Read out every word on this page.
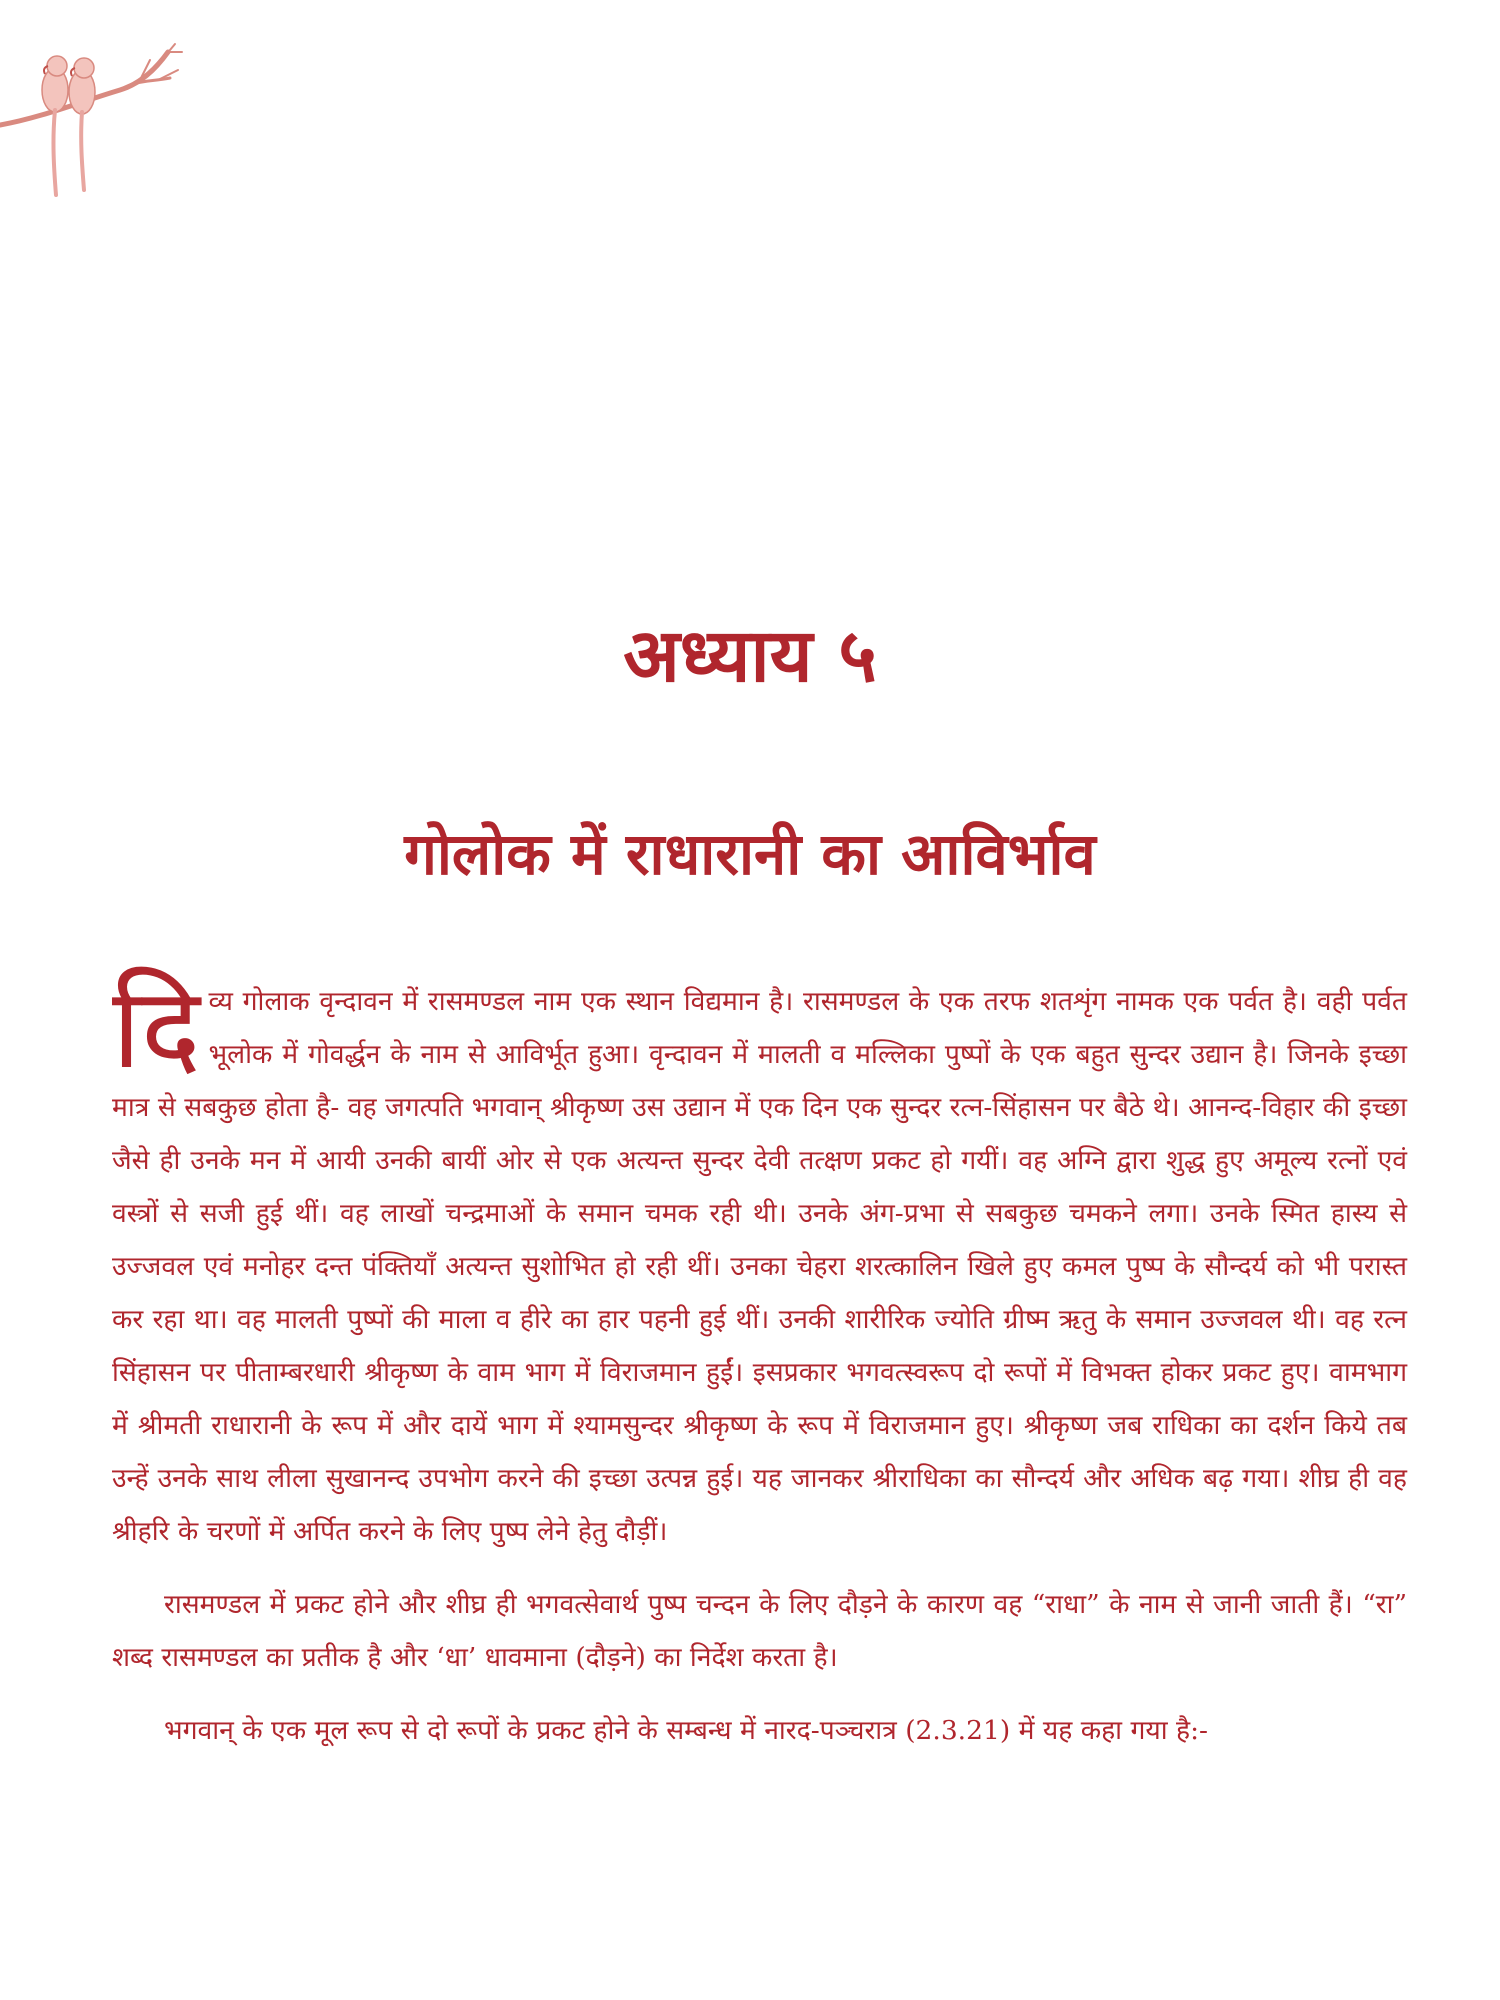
अध्याय ५
गोलोक में राधारानी का आविर्भाव

दिव्य गोलाक वृन्दावन में रासमण्डल नाम एक स्थान विद्यमान है। रासमण्डल के एक तरफ शतशृंग नामक एक पर्वत है। वही पर्वत भूलोक में गोवर्द्धन के नाम से आविर्भूत हुआ। वृन्दावन में मालती व मल्लिका पुष्पों के एक बहुत सुन्दर उद्यान है। जिनके इच्छा मात्र से सबकुछ होता है- वह जगत्पति भगवान् श्रीकृष्ण उस उद्यान में एक दिन एक सुन्दर रत्न-सिंहासन पर बैठे थे। आनन्द-विहार की इच्छा जैसे ही उनके मन में आयी उनकी बायीं ओर से एक अत्यन्त सुन्दर देवी तत्क्षण प्रकट हो गयीं। वह अग्नि द्वारा शुद्ध हुए अमूल्य रत्नों एवं वस्त्रों से सजी हुई थीं। वह लाखों चन्द्रमाओं के समान चमक रही थी। उनके अंग-प्रभा से सबकुछ चमकने लगा। उनके स्मित हास्य से उज्जवल एवं मनोहर दन्त पंक्तियाँ अत्यन्त सुशोभित हो रही थीं। उनका चेहरा शरत्कालिन खिले हुए कमल पुष्प के सौन्दर्य को भी परास्त कर रहा था। वह मालती पुष्पों की माला व हीरे का हार पहनी हुई थीं। उनकी शारीरिक ज्योति ग्रीष्म ऋतु के समान उज्जवल थी। वह रत्न सिंहासन पर पीताम्बरधारी श्रीकृष्ण के वाम भाग में विराजमान हुईं। इसप्रकार भगवत्स्वरूप दो रूपों में विभक्त होकर प्रकट हुए। वामभाग में श्रीमती राधारानी के रूप में और दायें भाग में श्यामसुन्दर श्रीकृष्ण के रूप में विराजमान हुए। श्रीकृष्ण जब राधिका का दर्शन किये तब उन्हें उनके साथ लीला सुखानन्द उपभोग करने की इच्छा उत्पन्न हुई। यह जानकर श्रीराधिका का सौन्दर्य और अधिक बढ़ गया। शीघ्र ही वह श्रीहरि के चरणों में अर्पित करने के लिए पुष्प लेने हेतु दौड़ीं।

रासमण्डल में प्रकट होने और शीघ्र ही भगवत्सेवार्थ पुष्प चन्दन के लिए दौड़ने के कारण वह “राधा” के नाम से जानी जाती हैं। “रा” शब्द रासमण्डल का प्रतीक है और ‘धा’ धावमाना (दौड़ने) का निर्देश करता है।

भगवान् के एक मूल रूप से दो रूपों के प्रकट होने के सम्बन्ध में नारद-पञ्चरात्र (2.3.21) में यह कहा गया है:-
